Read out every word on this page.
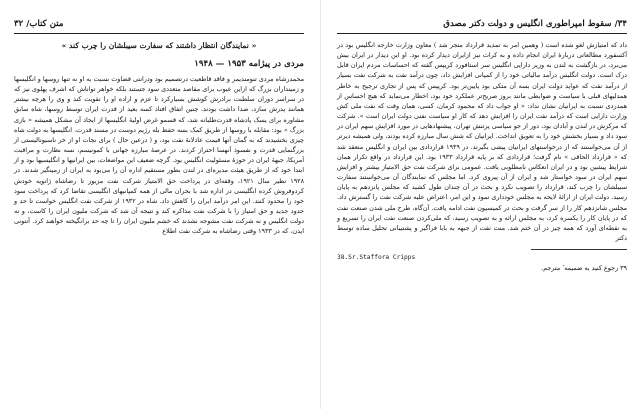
متن کتاب/ ۳۲
« نمایندگان انتظار داشتند که سفارت سیبلشان را چرب کند »
مردی در پیژامه ۱۹۵۳ — ۱۹۴۸

محمدرشاه مردی تنومندیمر و فاقد قاطعیت درتصمیم بود ودرانتی قضاوت نسبت به او نه تنها روسها و انگلیسها و زمینداران بزرگ که ازاین عیوب برای مقاصد متعددی سود جستند بلکه خواهر تواناش که اشرف پهلوی نیز که در سراسر دوران سلطنت برادرش کوشش بسیارکرد تا عزم و اراده او را تقویت کند و وی را هرچه بیشتر همانند پدرش سازد، صدا داشت بودند. چنین اتفاق افتاد کسه بعید از قدرت ایران توسط روسها، شاه سابق مشاوره برای یسک پادشاه قدرت‌طلبانه شد، که قسمو غرض اولیهٔ انگلیسها از ایجاد آن مشکل همیشه « بازی بزرگ » بود: مقابله با روسها از طریق کمک بسه حفظ بله رژیم دوست در مسند قدرت. انگلیسها به دولت شاه چیزی بخشیدند که به گمان آنها قیمت عادلانهٔ نفت بود، و ( درعین حال ) برای نجات او از خر ناسیونالیستی از بزرگنمایی قدرت و نفسوذ آنهسا احتراز کردند. در عرصهٔ مبارزه جهانی با کمونیسم، نسه نظارت و مراقبت آمریکا، جبههٔ ایران در حوزهٔ مسئولیت انگلیس بود. گرچه ضعیف این مواضعات، بین ایرانیها و انگلیسیها بود و از ابتدا خود که از طریق هیئت مدیره‌ای در لندن بطور مستقیم اداره آن را می‌بود به ایران از زمینگیر شدند. در ۱۹۲۸ نظیر سال ۱۹۲۱، وقفه‌ای در پرداخت حق الامتیاز شرکت نفت مزبور تا رضاشاه ژانویه خودش کردوفروش کرده انگلیسی در اداره شد با بحران مالی از همه کمپانیهای انگلیسی تقاضا کرد که پرداخت سود خود را محدود کنند. این امر درآمد ایران را کاهش داد. شاه در ۱۹۳۲ از شرکت نفت انگلیس خواست تا حد و حدود جدید و حق امتیاز را با شرکت نفت مذاکره کند و نتیجه آن شد که شرکت ملیون ایران را کاست، و نه دولت انگلیس و نه شرکت نفت مشوجه نشدند که خشم ملیون ایران را تا چه حد برانگیخته خواهند کرد. آنتونی ایدن، که در ۱۹۳۳ وقتی رضاشاه به شرکت نفت اطلاع

۳۴/ سقوط امپراطوری انگلیس و دولت دکتر مصدق

داد که امتیازش لغو شده است ( وهمین امر به تمدید قرارداد منجر شد ) معاون وزارت خارجه انگلیس بود در آکسفورد مطالعاتی دربارهٔ ایران انجام داده و به کرات نیز ازایران دیدار کرده بود. او این دیدار در ایران بیش می‌برد، در بازگشت به لندن به وزیر دارایی انگلیس سر استافورد کریپس گفته که احساسات مردم ایران قابل درک است. دولت انگلیس درآمد مالیاتی خود را از کمپانی افزایش داد، چون درآمد نفت به شرکت نفت بسیار از درآمد نفت که عواید دولت ایران بسه آن متکی بود پایین‌تر بود. کریپس که پس از تجاری ترجیح به خاطر همدلیهای قبلی با سیاست و ضوابطی مانند بروز صریح‌تر عملکرد خود بود، اخطار می‌نماید که هیچ احساس از همدردی نسبت به ایرانیان نشان نداد: « او جواب داد که محمود کرمان، کسی، همان وقت که نفت ملی کش وزارت دارایی است که درآمد نفت ایران را افزایش دهد که کار او سیاست نفتی دولت ایران است ». شرکت که مرکزش در لندن و آبادان بود، دور از جو سیاسی پرتنش تهران، پیشنهادهایی در مورد افزایش سهم ایران در سود داد و بسیار بخشش خود را به تعویق انداخت. ایرانیان که شش سال مبارزه کرده بودند، ولی همیشه دیرتر از آن می‌خواستند که از درخواستهای ایرانیان پیشی بگیرند. در ۱۹۴۹ قراردادی بین ایران و انگلیس منعقد شد که « قرارداد الحاقی » نام گرفت؛ قراردادی که بر پایه قرارداد ۱۹۳۳ بود. این قرارداد در واقع تکرار همان شرایط پیشین بود و در ایران انعکاس نامطلوبی یافت. عمومی برای شرکت نفت حق الامتیاز بیشتر و افزایش سهم ایران در سود خواستار شد و ایران از آن پیروی کرد. اما مجلس که نمایندگان آن می‌خواستند سفارت سبیلشان را چرب کند، قرارداد را تصویب نکرد و بحث در آن چندان طول کشید که مجلس پانزدهم به پایان رسید. دولت ایران از ارائهٔ لایحه به مجلس خودداری نمود و این امر، اعتراض علیه شرکت نفت را گسترش داد. مجلس شانزدهم کار را از سر گرفت و بحث در کمیسیون نفت ادامه یافت. آن‌گاه، طرح ملی شدن صنعت نفت که در پایان کار را یکسره کرد، به مجلس ارائه و به تصویب رسید، که ملی‌کردن صنعت نفت ایران را تسریع و به نقطه‌ای آورد که همه چیز در آن ختم شد. منت نفت از جبهه به بابا فراگیر و پشتیبانی تحلیل ساده توسط دکتر

38.Sr.Staffora Cripps
۳۹ رجوع کنید به ضمیمه ٔ مترجم.
